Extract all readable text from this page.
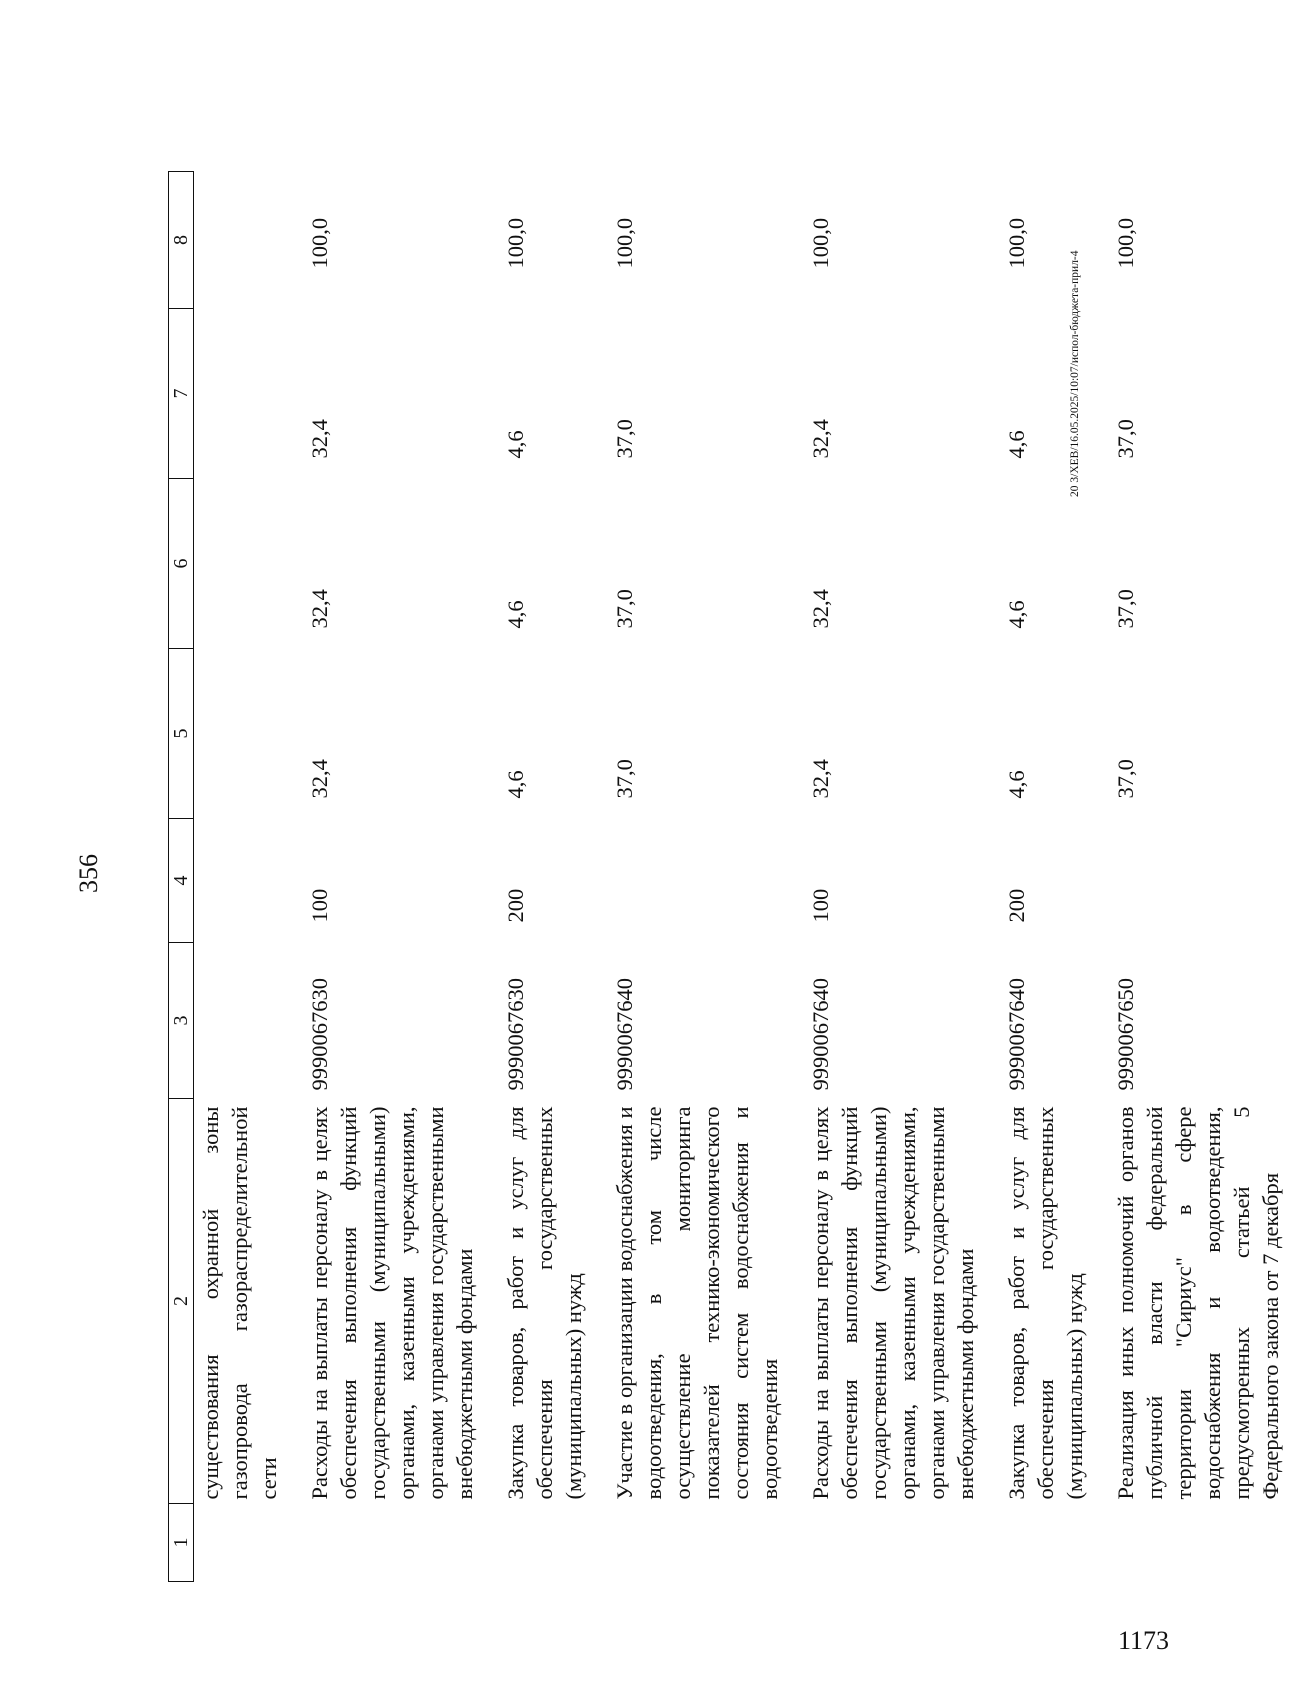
356
1	2	3	4	5	6	7	8
	существования охранной зоны газопровода газораспределительной сети						
	Расходы на выплаты персоналу в целях обеспечения выполнения функций государственными (муниципальными) органами, казенными учреждениями, органами управления государственными внебюджетными фондами	9990067630	100	32,4	32,4	32,4	100,0
	Закупка товаров, работ и услуг для обеспечения государственных (муниципальных) нужд	9990067630	200	4,6	4,6	4,6	100,0
	Участие в организации водоснабжения и водоотведения, в том числе осуществление мониторинга показателей технико-экономического состояния систем водоснабжения и водоотведения	9990067640		37,0	37,0	37,0	100,0
	Расходы на выплаты персоналу в целях обеспечения выполнения функций государственными (муниципальными) органами, казенными учреждениями, органами управления государственными внебюджетными фондами	9990067640	100	32,4	32,4	32,4	100,0
	Закупка товаров, работ и услуг для обеспечения государственных (муниципальных) нужд	9990067640	200	4,6	4,6	4,6	100,0
	Реализация иных полномочий органов публичной власти федеральной территории "Сириус" в сфере водоснабжения и водоотведения, предусмотренных статьей 5 Федерального закона от 7 декабря	9990067650		37,0	37,0	37,0	100,0
20 3/ХЕВ/16.05.2025/10:07/испол-бюджета-прил-4
1173
